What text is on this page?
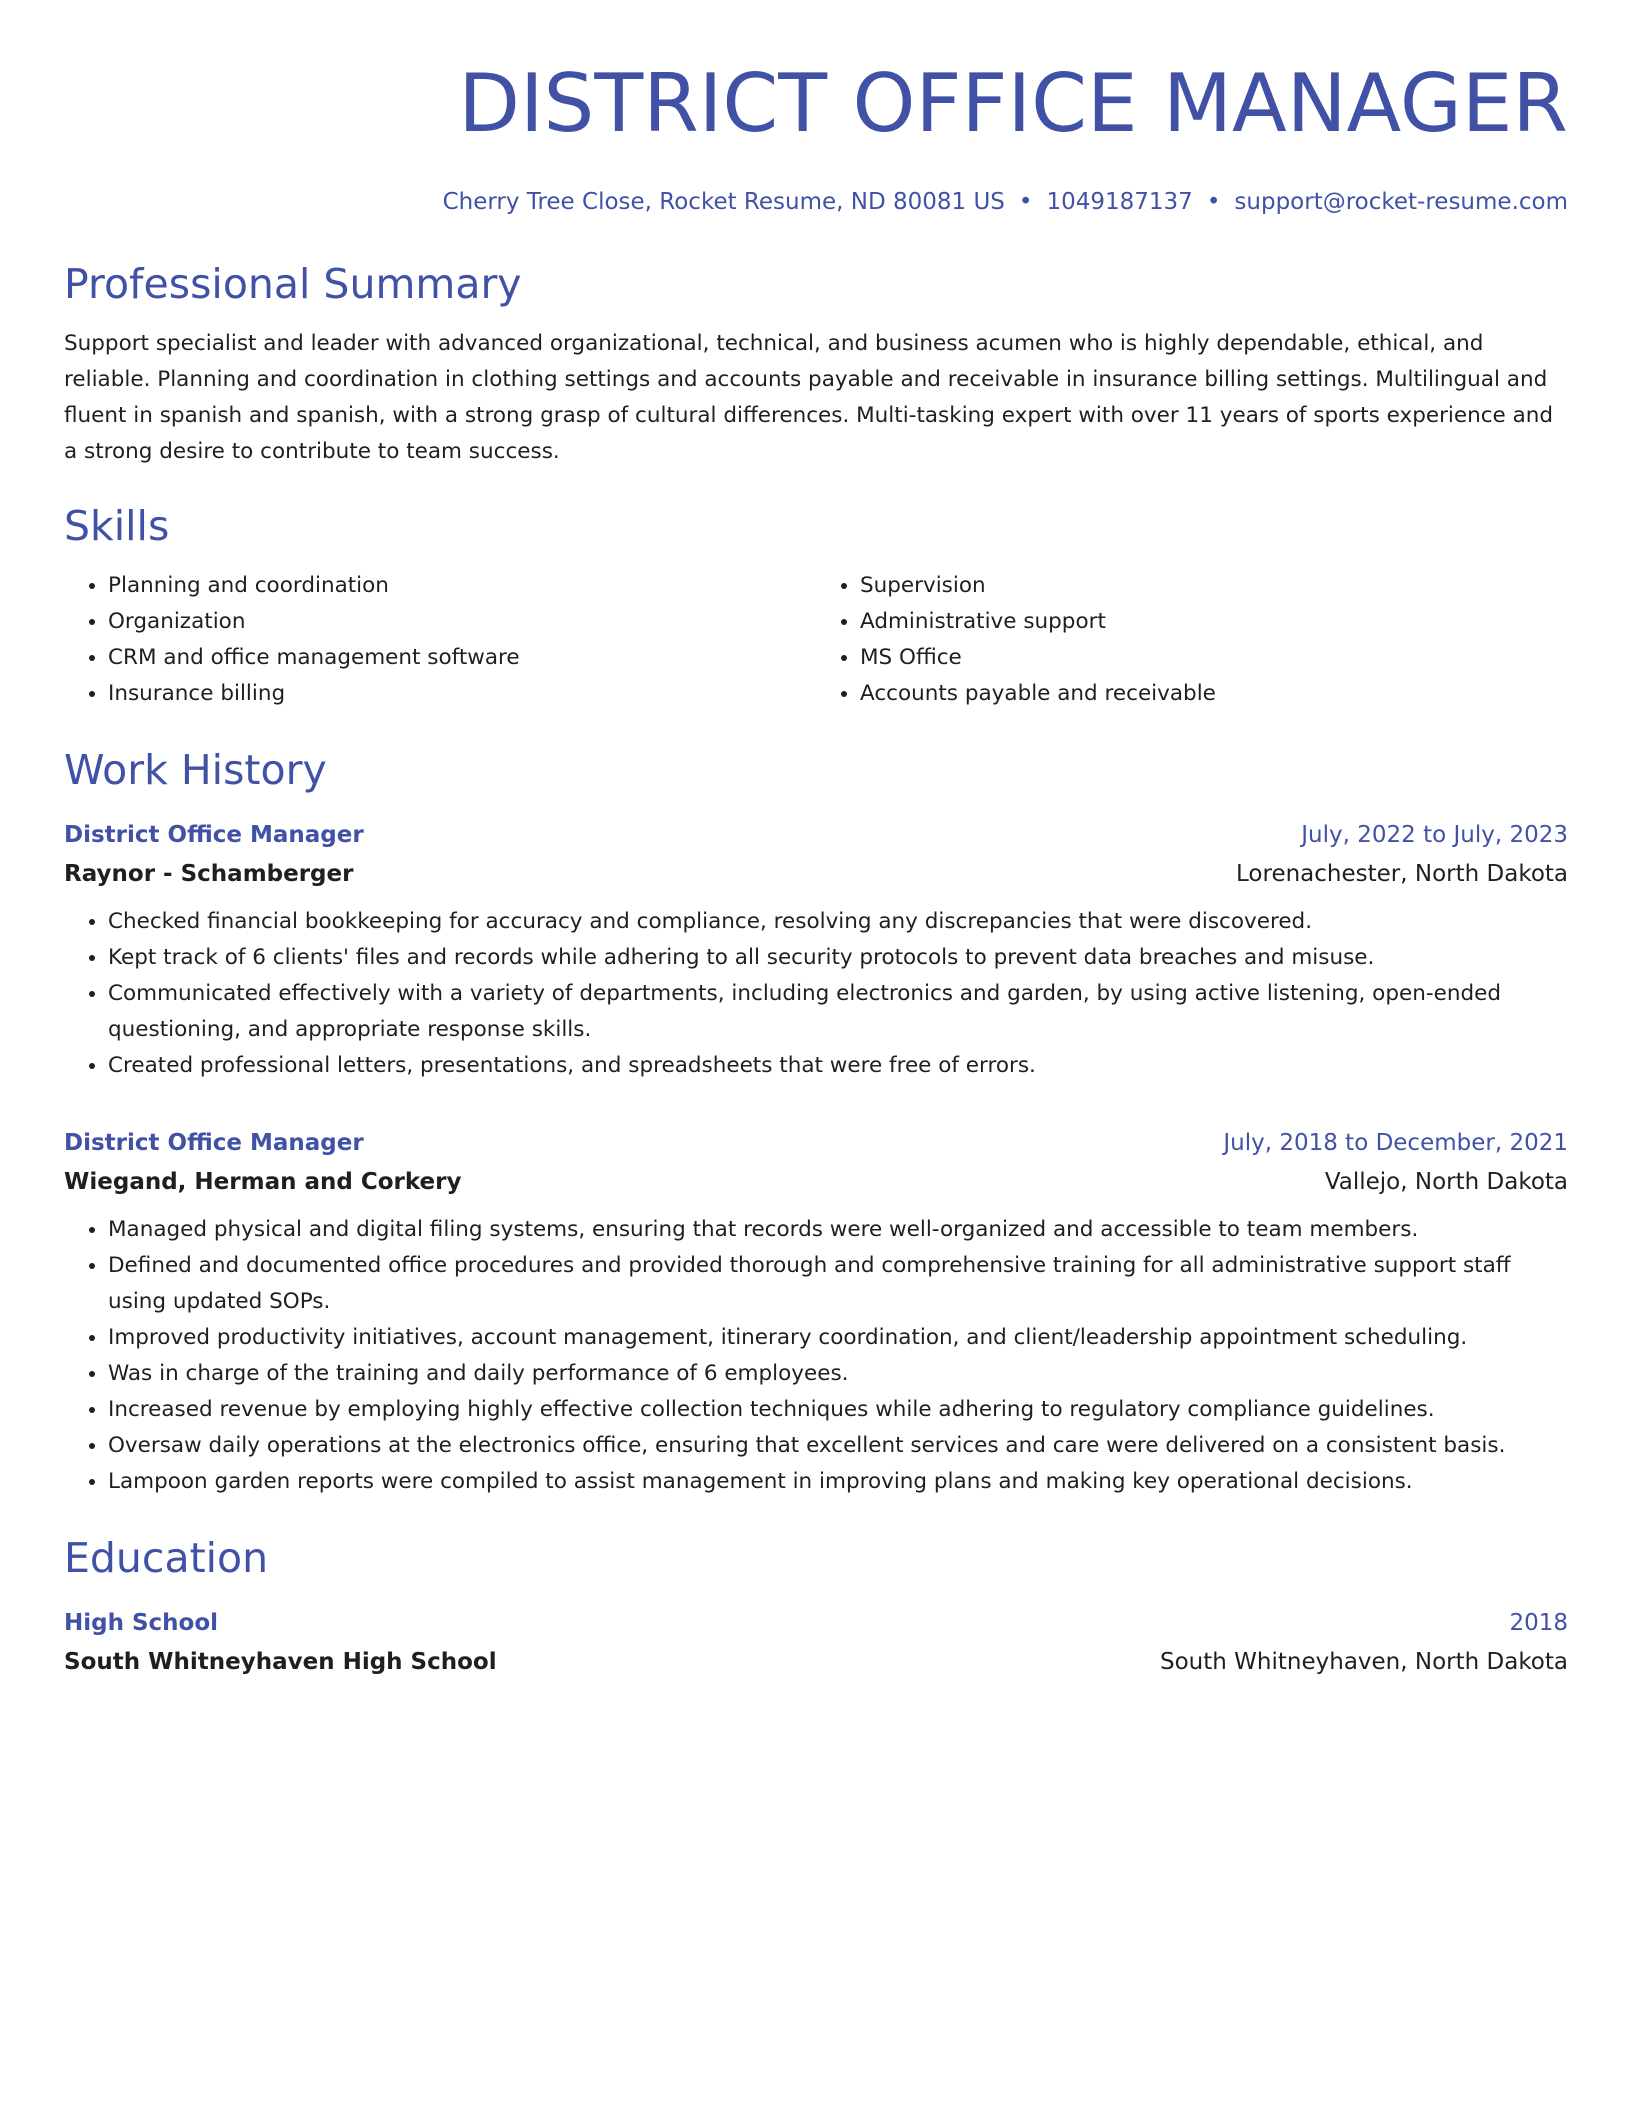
DISTRICT OFFICE MANAGER
Cherry Tree Close, Rocket Resume, ND 80081 US • 1049187137 • support@rocket-resume.com
Professional Summary
Support specialist and leader with advanced organizational, technical, and business acumen who is highly dependable, ethical, and reliable. Planning and coordination in clothing settings and accounts payable and receivable in insurance billing settings. Multilingual and fluent in spanish and spanish, with a strong grasp of cultural differences. Multi-tasking expert with over 11 years of sports experience and a strong desire to contribute to team success.
Skills
• Planning and coordination
• Organization
• CRM and office management software
• Insurance billing
• Supervision
• Administrative support
• MS Office
• Accounts payable and receivable
Work History
District Office Manager	July, 2022 to July, 2023
Raynor - Schamberger	Lorenachester, North Dakota
• Checked financial bookkeeping for accuracy and compliance, resolving any discrepancies that were discovered.
• Kept track of 6 clients' files and records while adhering to all security protocols to prevent data breaches and misuse.
• Communicated effectively with a variety of departments, including electronics and garden, by using active listening, open-ended questioning, and appropriate response skills.
• Created professional letters, presentations, and spreadsheets that were free of errors.
District Office Manager	July, 2018 to December, 2021
Wiegand, Herman and Corkery	Vallejo, North Dakota
• Managed physical and digital filing systems, ensuring that records were well-organized and accessible to team members.
• Defined and documented office procedures and provided thorough and comprehensive training for all administrative support staff using updated SOPs.
• Improved productivity initiatives, account management, itinerary coordination, and client/leadership appointment scheduling.
• Was in charge of the training and daily performance of 6 employees.
• Increased revenue by employing highly effective collection techniques while adhering to regulatory compliance guidelines.
• Oversaw daily operations at the electronics office, ensuring that excellent services and care were delivered on a consistent basis.
• Lampoon garden reports were compiled to assist management in improving plans and making key operational decisions.
Education
High School	2018
South Whitneyhaven High School	South Whitneyhaven, North Dakota
